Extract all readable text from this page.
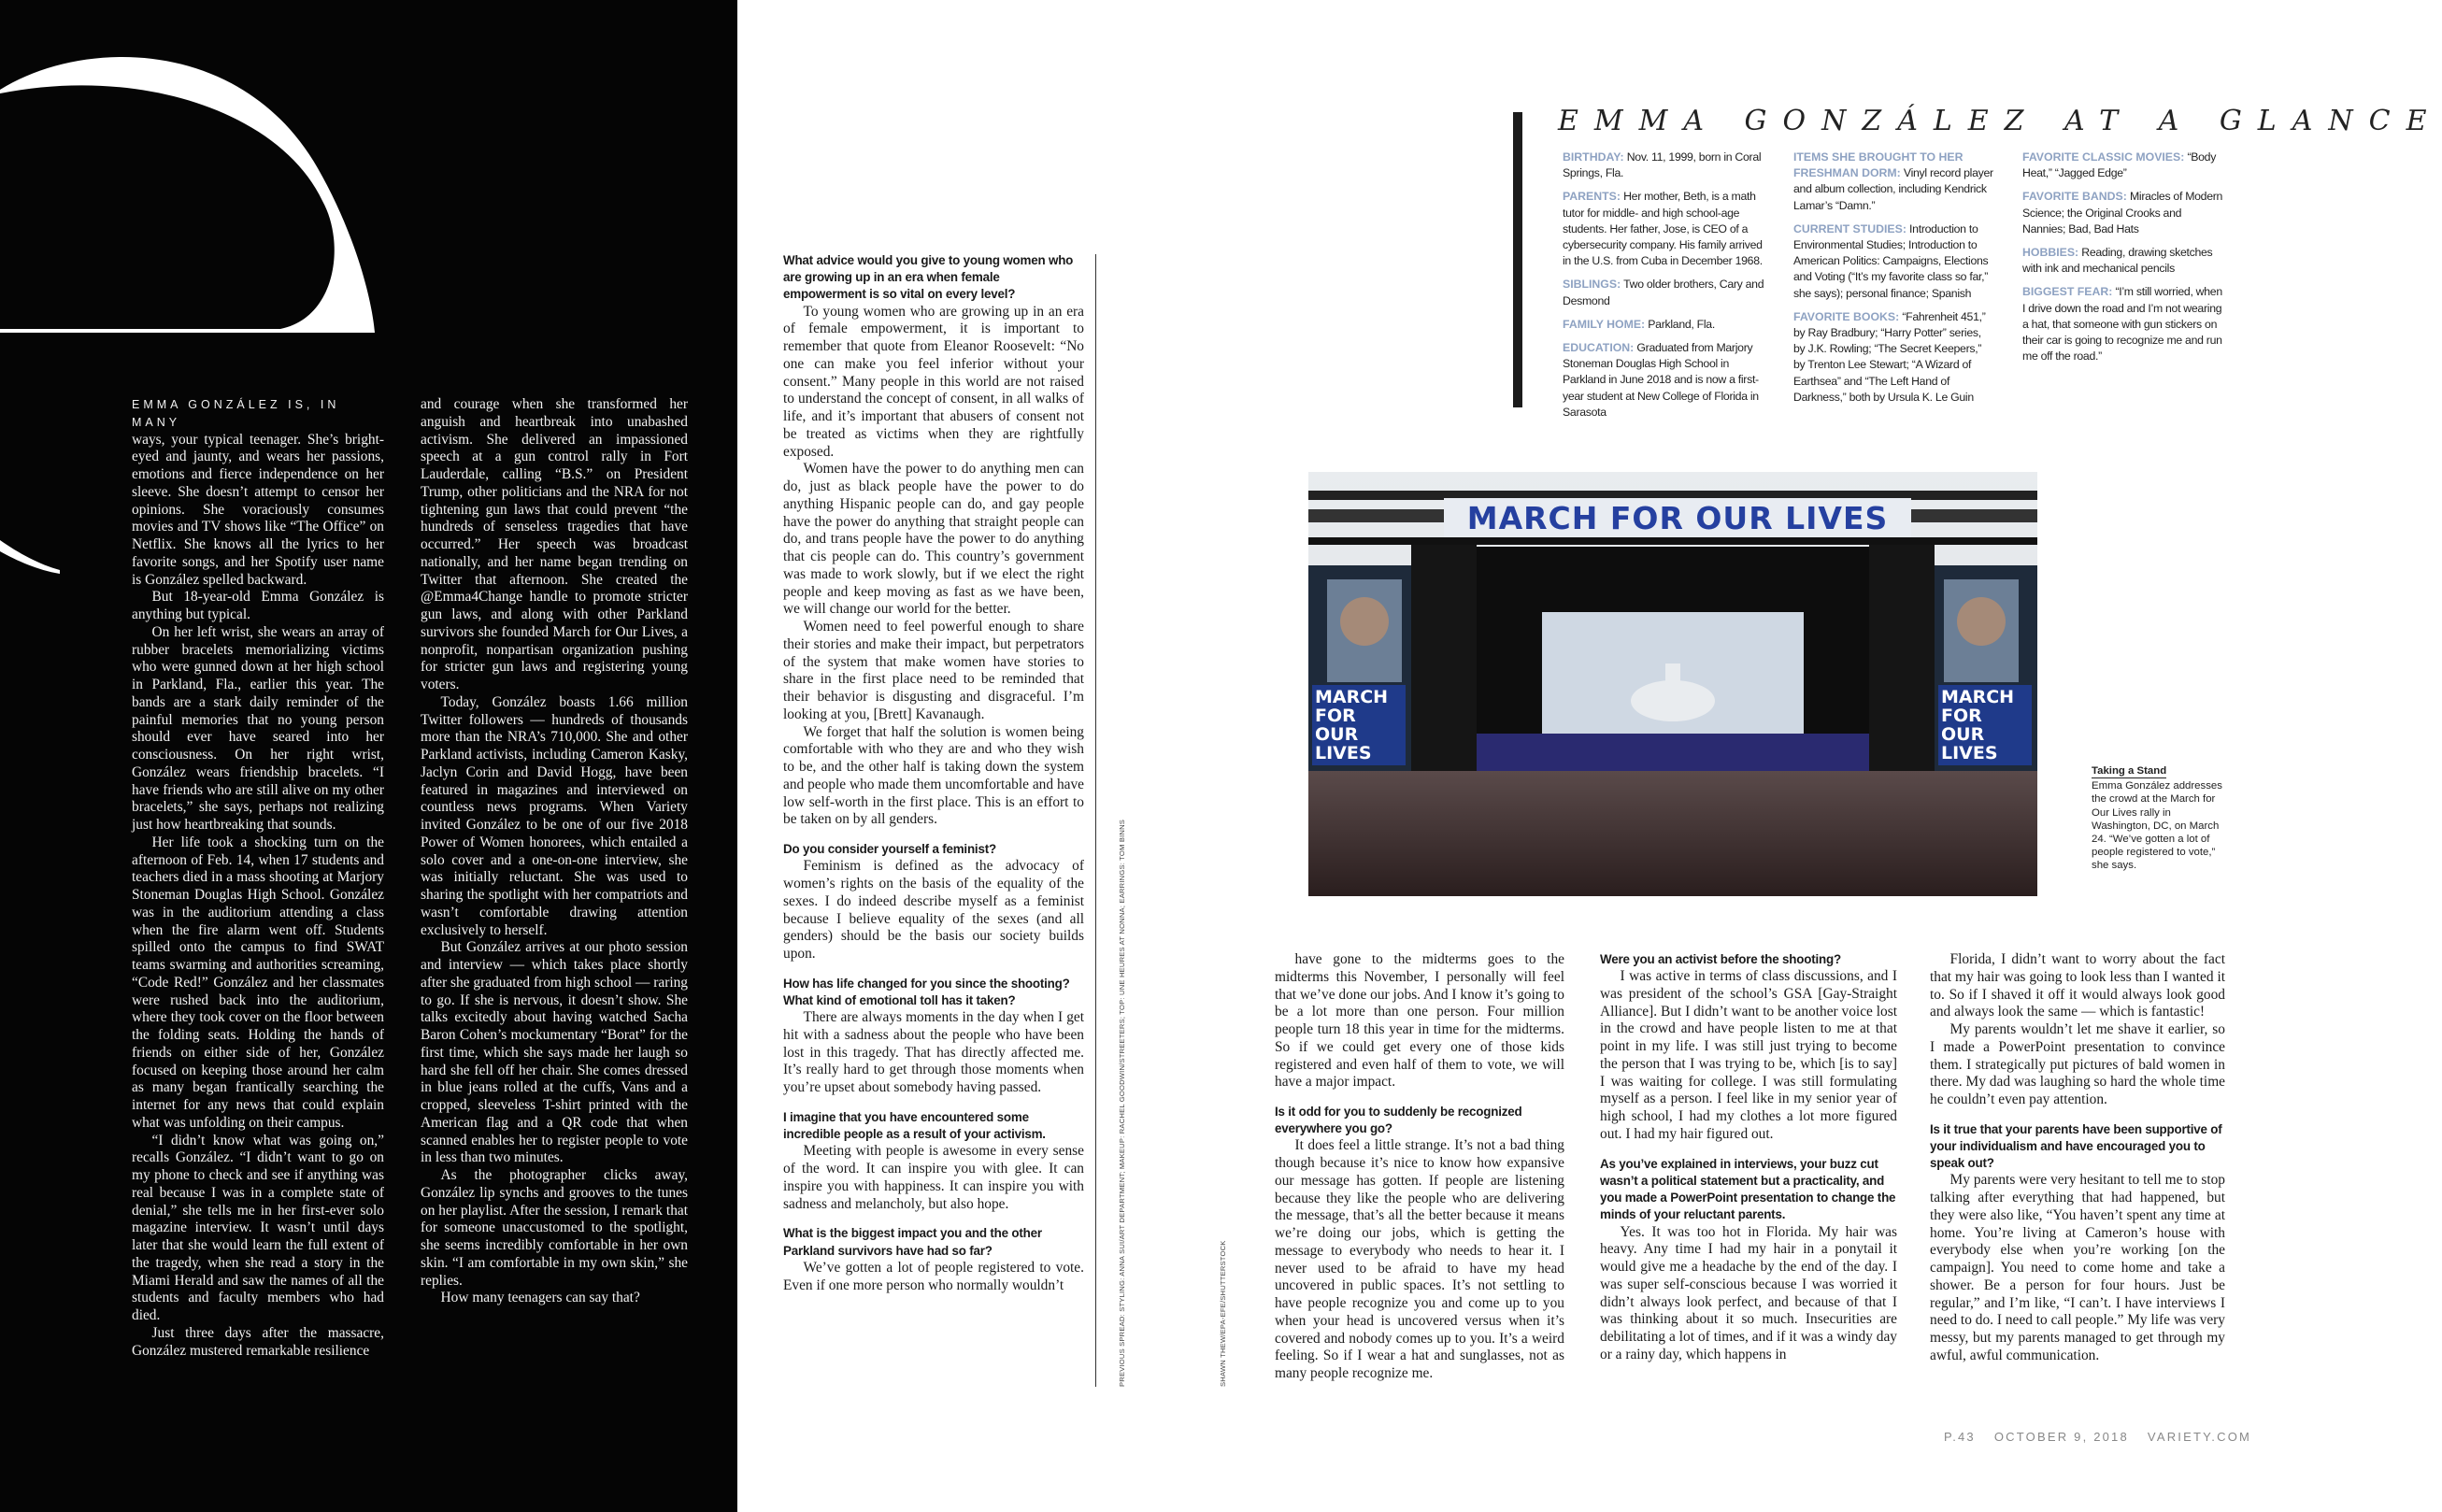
EMMA GONZÁLEZ IS, IN MANY
ways, your typical teenager. She’s bright-eyed and jaunty, and wears her passions, emotions and fierce independence on her sleeve. She doesn’t attempt to censor her opinions. She voraciously consumes movies and TV shows like “The Office” on Netflix. She knows all the lyrics to her favorite songs, and her Spotify user name is González spelled backward.

But 18-year-old Emma González is anything but typical.

On her left wrist, she wears an array of rubber bracelets memorializing victims who were gunned down at her high school in Parkland, Fla., earlier this year. The bands are a stark daily reminder of the painful memories that no young person should ever have seared into her consciousness. On her right wrist, González wears friendship bracelets. “I have friends who are still alive on my other bracelets,” she says, perhaps not realizing just how heartbreaking that sounds.

Her life took a shocking turn on the afternoon of Feb. 14, when 17 students and teachers died in a mass shooting at Marjory Stoneman Douglas High School. González was in the auditorium attending a class when the fire alarm went off. Students spilled onto the campus to find SWAT teams swarming and authorities screaming, “Code Red!” González and her classmates were rushed back into the auditorium, where they took cover on the floor between the folding seats. Holding the hands of friends on either side of her, González focused on keeping those around her calm as many began frantically searching the internet for any news that could explain what was unfolding on their campus.

“I didn’t know what was going on,” recalls González. “I didn’t want to go on my phone to check and see if anything was real because I was in a complete state of denial,” she tells me in her first-ever solo magazine interview. It wasn’t until days later that she would learn the full extent of the tragedy, when she read a story in the Miami Herald and saw the names of all the students and faculty members who had died.

Just three days after the massacre, González mustered remarkable resilience

and courage when she transformed her anguish and heartbreak into unabashed activism. She delivered an impassioned speech at a gun control rally in Fort Lauderdale, calling “B.S.” on President Trump, other politicians and the NRA for not tightening gun laws that could prevent “the hundreds of senseless tragedies that have occurred.” Her speech was broadcast nationally, and her name began trending on Twitter that afternoon. She created the @Emma4Change handle to promote stricter gun laws, and along with other Parkland survivors she founded March for Our Lives, a nonprofit, nonpartisan organization pushing for stricter gun laws and registering young voters.

Today, González boasts 1.66 million Twitter followers — hundreds of thousands more than the NRA’s 710,000. She and other Parkland activists, including Cameron Kasky, Jaclyn Corin and David Hogg, have been featured in magazines and interviewed on countless news programs. When Variety invited González to be one of our five 2018 Power of Women honorees, which entailed a solo cover and a one-on-one interview, she was initially reluctant. She was used to sharing the spotlight with her compatriots and wasn’t comfortable drawing attention exclusively to herself.

But González arrives at our photo session and interview — which takes place shortly after she graduated from high school — raring to go. If she is nervous, it doesn’t show. She talks excitedly about having watched Sacha Baron Cohen’s mockumentary “Borat” for the first time, which she says made her laugh so hard she fell off her chair. She comes dressed in blue jeans rolled at the cuffs, Vans and a cropped, sleeveless T-shirt printed with the American flag and a QR code that when scanned enables her to register people to vote in less than two minutes.

As the photographer clicks away, González lip synchs and grooves to the tunes on her playlist. After the session, I remark that for someone unaccustomed to the spotlight, she seems incredibly comfortable in her own skin. “I am comfortable in my own skin,” she replies.

How many teenagers can say that?

EMMA GONZÁLEZ AT A GLANCE
BIRTHDAY: Nov. 11, 1999, born in Coral Springs, Fla.
PARENTS: Her mother, Beth, is a math tutor for middle- and high school-age students. Her father, Jose, is CEO of a cybersecurity company. His family arrived in the U.S. from Cuba in December 1968.
SIBLINGS: Two older brothers, Cary and Desmond
FAMILY HOME: Parkland, Fla.
EDUCATION: Graduated from Marjory Stoneman Douglas High School in Parkland in June 2018 and is now a first-year student at New College of Florida in Sarasota
ITEMS SHE BROUGHT TO HER FRESHMAN DORM: Vinyl record player and album collection, including Kendrick Lamar’s “Damn.”
CURRENT STUDIES: Introduction to Environmental Studies; Introduction to American Politics: Campaigns, Elections and Voting (“It’s my favorite class so far,” she says); personal finance; Spanish
FAVORITE BOOKS: “Fahrenheit 451,” by Ray Bradbury; “Harry Potter” series, by J.K. Rowling; “The Secret Keepers,” by Trenton Lee Stewart; “A Wizard of Earthsea” and “The Left Hand of Darkness,” both by Ursula K. Le Guin
FAVORITE CLASSIC MOVIES: “Body Heat,” “Jagged Edge”
FAVORITE BANDS: Miracles of Modern Science; the Original Crooks and Nannies; Bad, Bad Hats
HOBBIES: Reading, drawing sketches with ink and mechanical pencils
BIGGEST FEAR: “I’m still worried, when I drive down the road and I’m not wearing a hat, that someone with gun stickers on their car is going to recognize me and run me off the road.”
MARCH FOR OUR LIVES
MARCH
FOR OUR
LIVES
MARCH
FOR OUR
LIVES
Taking a Stand
Emma González addresses the crowd at the March for Our Lives rally in Washington, DC, on March 24. “We’ve gotten a lot of people registered to vote,” she says.

What advice would you give to young women who are growing up in an era when female empowerment is so vital on every level?

To young women who are growing up in an era of female empowerment, it is important to remember that quote from Eleanor Roosevelt: “No one can make you feel inferior without your consent.” Many people in this world are not raised to understand the concept of consent, in all walks of life, and it’s important that abusers of consent not be treated as victims when they are rightfully exposed.

Women have the power to do anything men can do, just as black people have the power to do anything Hispanic people can do, and gay people have the power do anything that straight people can do, and trans people have the power to do anything that cis people can do. This country’s government was made to work slowly, but if we elect the right people and keep moving as fast as we have been, we will change our world for the better.

Women need to feel powerful enough to share their stories and make their impact, but perpetrators of the system that make women have stories to share in the first place need to be reminded that their behavior is disgusting and disgraceful. I’m looking at you, [Brett] Kavanaugh.

We forget that half the solution is women being comfortable with who they are and who they wish to be, and the other half is taking down the system and people who made them uncomfortable and have low self-worth in the first place. This is an effort to be taken on by all genders.

Do you consider yourself a feminist?

Feminism is defined as the advocacy of women’s rights on the basis of the equality of the sexes. I do indeed describe myself as a feminist because I believe equality of the sexes (and all genders) should be the basis our society builds upon.

How has life changed for you since the shooting? What kind of emotional toll has it taken?

There are always moments in the day when I get hit with a sadness about the people who have been lost in this tragedy. That has directly affected me. It’s really hard to get through those moments when you’re upset about somebody having passed.

I imagine that you have encountered some incredible people as a result of your activism.

Meeting with people is awesome in every sense of the word. It can inspire you with glee. It can inspire you with happiness. It can inspire you with sadness and melancholy, but also hope.

What is the biggest impact you and the other Parkland survivors have had so far?

We’ve gotten a lot of people registered to vote. Even if one more person who normally wouldn’t	PREVIOUS SPREAD: STYLING: ANNA SUI/ART DEPARTMENT; MAKEUP: RACHEL GOODWIN/STREETERS; TOP: UNE HEURES AT NONNA; EARRINGS: TOM BINNS	SHAWN THEW/EPA-EFE/SHUTTERSTOCK

have gone to the midterms goes to the midterms this November, I personally will feel that we’ve done our jobs. And I know it’s going to be a lot more than one person. Four million people turn 18 this year in time for the midterms. So if we could get every one of those kids registered and even half of them to vote, we will have a major impact.

Is it odd for you to suddenly be recognized everywhere you go?

It does feel a little strange. It’s not a bad thing though because it’s nice to know how expansive our message has gotten. If people are listening because they like the people who are delivering the message, that’s all the better because it means we’re doing our jobs, which is getting the message to everybody who needs to hear it. I never used to be afraid to have my head uncovered in public spaces. It’s not settling to have people recognize you and come up to you when your head is uncovered versus when it’s covered and nobody comes up to you. It’s a weird feeling. So if I wear a hat and sunglasses, not as many people recognize me.

Were you an activist before the shooting?

I was active in terms of class discussions, and I was president of the school’s GSA [Gay-Straight Alliance]. But I didn’t want to be another voice lost in the crowd and have people listen to me at that point in my life. I was still just trying to become the person that I was trying to be, which [is to say] I was waiting for college. I was still formulating myself as a person. I feel like in my senior year of high school, I had my clothes a lot more figured out. I had my hair figured out.

As you’ve explained in interviews, your buzz cut wasn’t a political statement but a practicality, and you made a PowerPoint presentation to change the minds of your reluctant parents.

Yes. It was too hot in Florida. My hair was heavy. Any time I had my hair in a ponytail it would give me a headache by the end of the day. I was super self-conscious because I was worried it didn’t always look perfect, and because of that I was thinking about it so much. Insecurities are debilitating a lot of times, and if it was a windy day or a rainy day, which happens in

Florida, I didn’t want to worry about the fact that my hair was going to look less than I wanted it to. So if I shaved it off it would always look good and always look the same — which is fantastic!

My parents wouldn’t let me shave it earlier, so I made a PowerPoint presentation to convince them. I strategically put pictures of bald women in there. My dad was laughing so hard the whole time he couldn’t even pay attention.

Is it true that your parents have been supportive of your individualism and have encouraged you to speak out?

My parents were very hesitant to tell me to stop talking after everything that had happened, but they were also like, “You haven’t spent any time at home. You’re living at Cameron’s house with everybody else when you’re working [on the campaign]. You need to come home and take a shower. Be a person for four hours. Just be regular,” and I’m like, “I can’t. I have interviews I need to do. I need to call people.” My life was very messy, but my parents managed to get through my awful, awful communication.

P.43 OCTOBER 9, 2018 VARIETY.COM
